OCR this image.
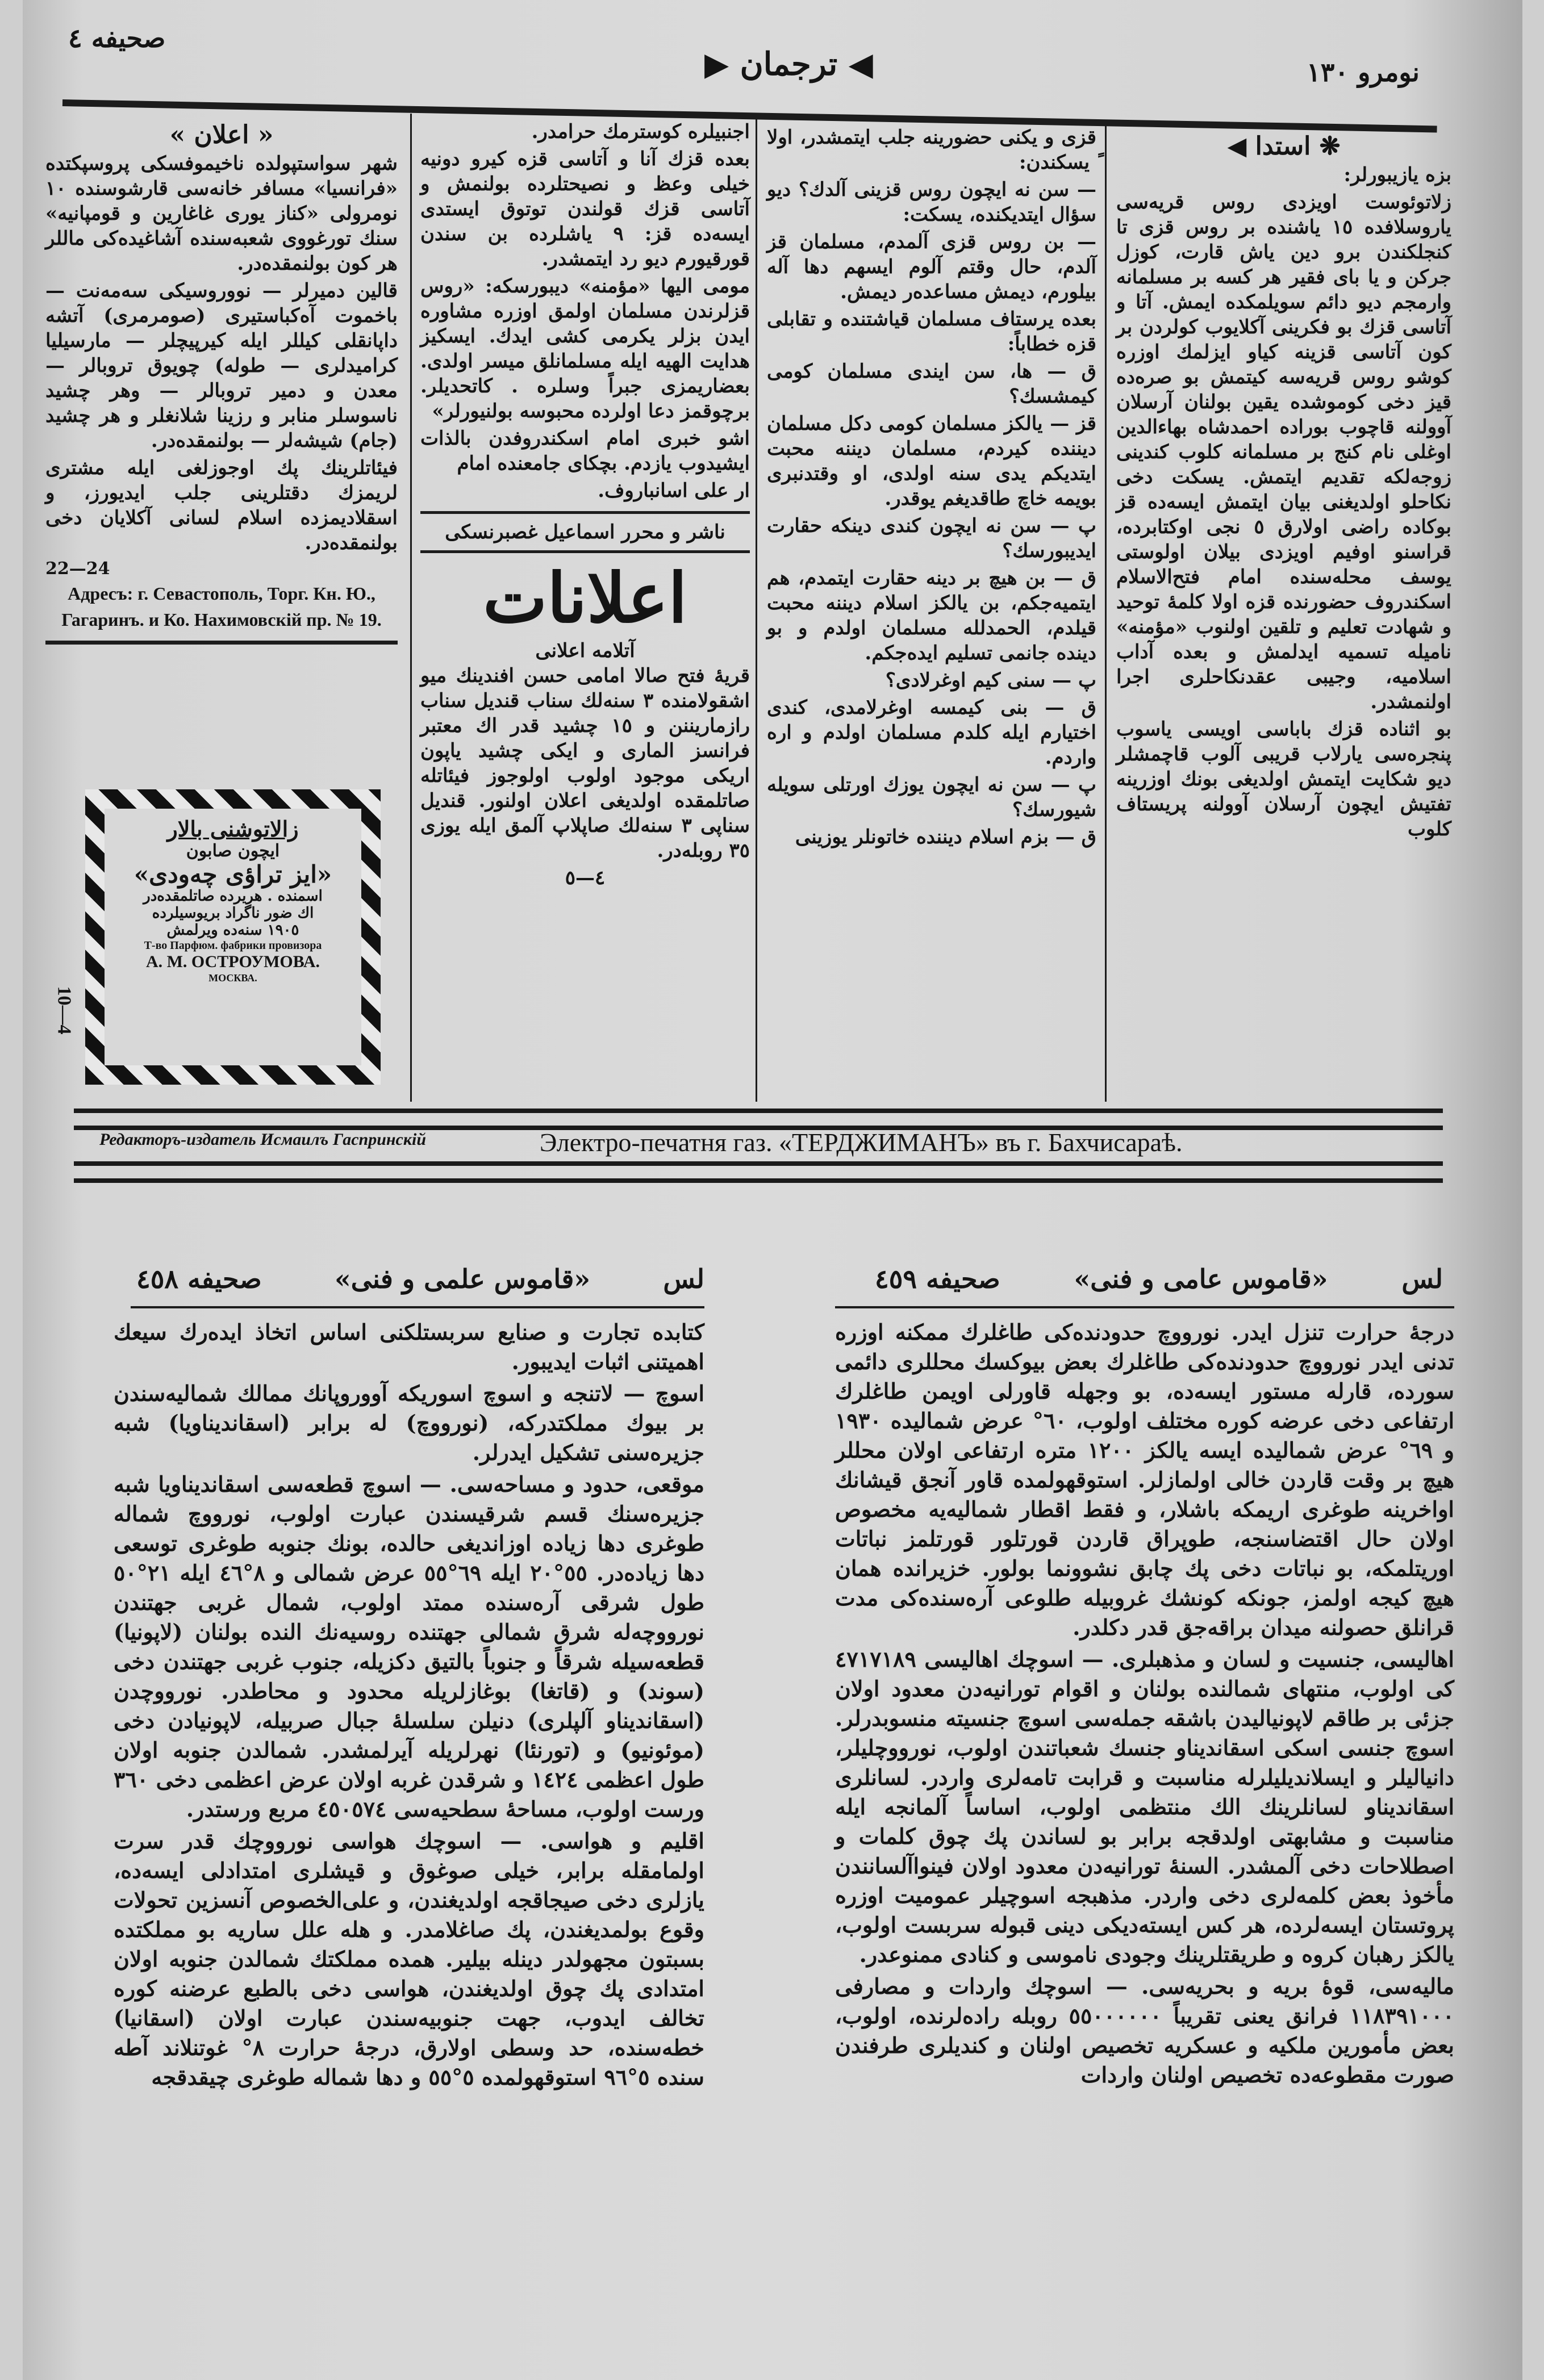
صحیفه ٤
◀ ترجمان ▶	نومرو ١٣٠
« اعلان »

شهر سواستپولده ناخیموفسکی پروسپکتده «فرانسیا» مسافر خانه‌سی قارشوسنده ١٠ نومرولی «کناز یوری غاغارین و قومپانیه» سنك تورغووی شعبه‌سنده آشاغیده‌کی ماللر هر کون بولنمقده‌در.

قالین دمیرلر — نووروسیکی سه‌مه‌نت — باخموت آه‌کباستیری (صومرمری) آتشه داپانقلی کیللر ایله کیرپیچلر — مارسیلیا کرامیدلری — طوله) چویوق تروبالر — معدن و دمیر تروبالر — وهر چشید ناسوسلر منابر و رزینا شلانغلر و هر چشید (جام) شیشه‌لر — بولنمقده‌در.

فیئاتلرینك پك اوجوزلغی ایله مشتری لریمزك دقتلرینی جلب ایدیورز، و اسقلادیمزده اسلام لسانی آکلایان دخی بولنمقده‌در.

22—24
Адресъ: г. Севастополь, Торг. Кн. Ю.,
Гагаринъ. и Ко. Нахимовскій пр. № 19.
زالاتوشنی بالار
ایچون صابون
«ایز تراؤی چه‌ودی»
اسمنده . هریرده صاتلمقده‌در
اك ضور ناگراد بریوسیلرده
١٩٠٥ سنه‌ده ویرلمش
Т-во Парфюм. фабрики провизора
А. М. ОСТРОУМОВА.
МОСКВА.
10—4

اجنبیلره کوسترمك حرامدر.

بعده قزك آنا و آتاسی قزه کیرو دونیه خیلی وعظ و نصیحتلرده بولنمش و آتاسی قزك قولندن توتوق ایستدی ایسه‌ده قز: ٩ یاشلرده بن سندن قورقیورم دیو رد ایتمشدر.

مومی الیها «مؤمنه» دیبورسكه: «روس قزلرندن مسلمان اولمق اوزره مشاوره ایدن بزلر یکرمی کشی ایدك. ایسکیز هدایت الهیه ایله مسلمانلق میسر اولدی. بعضاریمزی جبراً وسلره . کاتحدیلر. برچوقمز دعا اولرده محبوسه بولنیورلر»

اشو خبری امام اسکندروفدن بالذات ایشیدوب یازدم. بچکای جامعنده امام

ار علی اسانباروف.

ناشر و محرر اسماعیل غصبرنسکی
اعلانات
آتلامه اعلانی

قریهٔ فتح صالا امامی حسن افندینك میو اشقولامنده ٣ سنه‌لك سناب قندیل سناب رازماریننن و ١٥ چشید قدر اك معتبر فرانسز الماری و ایکی چشید یاپون اریکی موجود اولوب اولوجوز فیئاتله صاتلمقده اولدیغی اعلان اولنور. قندیل سناپی ٣ سنه‌لك صاپلاپ آلمق ایله یوزی ٣٥ روبله‌در.

٤—٥

قزی و یکنی حضورینه جلب ایتمشدر، اولا ً یسکندن:

— سن نه ایچون روس قزینی آلدك؟ دیو سؤال ایتدیکنده، یسکت:

— بن روس قزی آلمدم، مسلمان قز آلدم، حال وقتم آلوم ایسهم دها آله بیلورم، دیمش مساعده‌ر دیمش.

بعده یرستاف مسلمان قیاشتنده و تقابلی قزه خطاباً:

ق — ها، سن ایندی مسلمان کومی کیمشسك؟

قز — یالکز مسلمان کومی دکل مسلمان دیننده کیردم، مسلمان دیننه محبت ایتدیکم یدی سنه اولدی، او وقتدنبری بویمه خاچ طاقدیغم یوقدر.

پ — سن نه ایچون کندی دینکه حقارت ایدیبورسك؟

ق — بن هیچ بر دینه حقارت ایتمدم، هم ایتمیه‌جکم، بن یالکز اسلام دیننه محبت قیلدم، الحمدلله مسلمان اولدم و بو دینده جانمی تسلیم ایده‌جکم.

پ — سنی کیم اوغرلادی؟

ق — بنی کیمسه اوغرلامدی، کندی اختیارم ایله کلدم مسلمان اولدم و اره واردم.

پ — سن نه ایچون یوزك اورتلی سویله شیورسك؟

ق — بزم اسلام دیننده خاتونلر یوزینی

❋ استدا ◀

بزه یازیبورلر:

زلاتوئوست اویزدی روس قریه‌سی یاروسلافده ١٥ یاشنده بر روس قزی تا کنجلکندن برو دین یاش قارت، کوزل جرکن و یا بای فقیر هر کسه بر مسلمانه وارمجم دیو دائم سویلمکده ایمش. آتا و آتاسی قزك بو فکرینی آکلایوب کولردن بر کون آتاسی قزینه کیاو ایزلمك اوزره کوشو روس قریه‌سه کیتمش بو صره‌ده قیز دخی کوموشده یقین بولنان آرسلان آوولنه قاچوب بوراده احمدشاه بهاءالدین اوغلی نام کنج بر مسلمانه کلوب کندینی زوجه‌لکه تقدیم ایتمش. یسکت دخی نکاحلو اولدیغنی بیان ایتمش ایسه‌ده قز بوکاده راضی او‌لارق ٥ نجی اوکتابرده، قراسنو اوفیم اویزدی بیلان اولوستی یوسف محله‌سنده امام فتح‌الاسلام اسکندروف حضورنده قزه اولا کلمهٔ توحید و شهادت تعلیم و تلقین اولنوب «مؤمنه» نامیله تسمیه ایدلمش و بعده آداب اسلامیه، وجیبی عقدنکاحلری اجرا اولنمشدر.

بو اثناده قزك باباسی اویسی یاسوب پنجره‌سی یارلاب قریبی آلوب قاچمشلر دیو شکایت ایتمش اولدیغی بونك اوزرینه تفتیش ایچون آرسلان آوولنه پریستاف کلوب

Редакторъ-издатель Исмаилъ Гаспринскій	Электро-печатня газ. «ТЕРДЖИМАНЪ» въ г. Бахчисараѣ.
لس
«قاموس علمی و فنی»
صحیفه ٤٥٨

کتابده تجارت و صنایع سربستلکنی اساس اتخاذ ایده‌رك سیعك اهمیتنی اثبات ایدیبور.

اسوچ — لاتنجه و اسوچ اسوریکه آووروپانك ممالك شمالیه‌سندن بر بیوك مملکتدرکه، (نورووچ) له برابر (اسقاندیناویا) شبه جزیره‌سنی تشکیل ایدرلر.

موقعی، حدود و مساحه‌سی. — اسوچ قطعه‌سی اسقاندیناویا شبه جزیره‌سنك قسم شرقیسندن عبارت اولوب، نورووچ شماله طوغری دها زیاده اوزاندیغی حالده، بونك جنوبه طوغری توسعی دها زیاده‌در. ٥٥°٢٠ ایله ٦٩°٥٥ عرض شمالی و ٨°٤٦ ایله ٢١°٥٠ طول شرقی آره‌سنده ممتد اولوب، شمال غربی جهتندن نورووچه‌له شرق شمالی جهتنده روسیه‌نك النده بولنان (لاپونیا) قطعه‌سیله شرقاً و جنوباً بالتیق دکزیله، جنوب غربی جهتندن دخی (سوند) و (قاتغا) بوغازلریله محدود و محاطدر. نورووچدن (اسقاندیناو آلپلری) دنیلن سلسلهٔ جبال صربیله، لاپونیادن دخی (موئونیو) و (تورنئا) نهرلریله آیرلمشدر. شمالدن جنوبه اولان طول اعظمی ١٤٢٤ و شرقدن غربه اولان عرض اعظمی دخی ٣٦٠ ورست اولوب، مساحهٔ سطحیه‌سی ٤٥٠٥٧٤ مربع ورستدر.

اقلیم و هواسی. — اسوچك هواسی نورووچك قدر سرت اولمامقله برابر، خیلی صوغوق و قیشلری امتدادلی ایسه‌ده، یازلری دخی صیجاقجه اولدیغندن، و علی‌الخصوص آنسزین تحولات وقوع بولمدیغندن، پك صاغلامدر. و هله علل ساریه بو مملکتده بسبتون مجهولدر دینله بیلیر. همده مملکتك شمالدن جنوبه اولان امتدادی پك چوق اولدیغندن، هواسی دخی بالطبع عرضنه کوره تخالف ایدوب، جهت جنوبیه‌سندن عبارت اولان (اسقانیا) خطه‌سنده، حد وسطی اولارق، درجهٔ حرارت ٨° غوتنلاند آطه سنده ٥°٩٦ استوقهولمده ٥°٥٥ و دها شماله طوغری چیقدقجه

لس
«قاموس عامی و فنی»
صحیفه ٤٥٩

درجهٔ حرارت تنزل ایدر. نورووچ حدودنده‌کی طاغلرك ممکنه اوزره تدنی ایدر نورووچ حدودنده‌کی طاغلرك بعض بیوکسك محللری دائمی سورده، قارله مستور ایسه‌ده، بو وجهله قاورلی اویمن طاغلرك ارتفاعی دخی عرضه کوره مختلف اولوب، ٦٠° عرض شمالیده ١٩٣٠ و ٦٩° عرض شمالیده ایسه یالکز ١٢٠٠ متره ارتفاعی اولان محللر هیچ بر وقت قاردن خالی اولمازلر. استوقهولمده قاور آنجق قیشانك اواخرینه طوغری اریمکه باشلار، و فقط اقطار شمالیه‌یه مخصوص اولان حال اقتضاسنجه، طوپراق قاردن قورتلور قورتلمز نباتات اوریتلمکه، بو نباتات دخی پك چابق نشوونما بولور. خزیرانده همان هیچ کیجه اولمز، جونکه کونشك غروبیله طلوعی آره‌سنده‌کی مدت قرانلق حصولنه میدان براقه‌جق قدر دکلدر.

اهالیسی، جنسیت و لسان و مذهبلری. — اسوچك اهالیسی ٤٧١٧١٨٩ کی اولوب، منتهای شمالنده بولنان و اقوام تورانیه‌دن معدود اولان جزئی بر طاقم لاپونیالیدن باشقه جمله‌سی اسوچ جنسیته منسوبدرلر. اسوچ جنسی اسکی اسقاندیناو جنسك شعباتندن اولوب، نورووچلیلر، دانیالیلر و ایسلاندیلیلرله مناسبت و قرابت تامه‌لری واردر. لسانلری اسقاندیناو لسانلرینك الك منتظمی اولوب، اساساً آلمانجه ایله مناسبت و مشابهتی اولدقجه برابر بو لساندن پك چوق کلمات و اصطلاحات دخی آلمشدر. السنهٔ تورانیه‌دن معدود اولان فینواآلسانندن مأخوذ بعض کلمه‌لری دخی واردر. مذهبجه اسوچیلر عموميت اوزره پروتستان ایسه‌لرده، هر کس ایسته‌دیکی دینی قبوله سربست اولوب، یالکز رهبان کروه و طریقتلرینك وجودی ناموسی و کنادی ممنوعدر.

مالیه‌سی، قوهٔ بریه و بحریه‌سی. — اسوچك واردات و مصارفی ١١٨٣٩١٠٠٠ فرانق یعنی تقریباً ٥٥٠٠٠٠٠٠ روبله رادەلرنده، اولوب، بعض مأمورین ملکیه و عسکریه تخصیص اولنان و کندیلری طرفندن صورت مقطوعه‌ده تخصیص اولنان واردات
